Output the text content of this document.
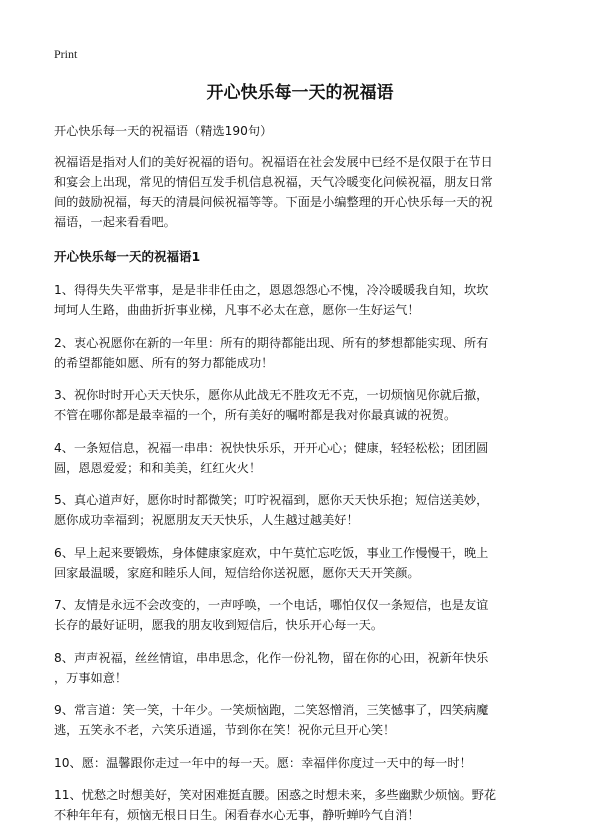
Print
开心快乐每一天的祝福语

开心快乐每一天的祝福语（精选190句）

祝福语是指对人们的美好祝福的语句。祝福语在社会发展中已经不是仅限于在节日
和宴会上出现，常见的情侣互发手机信息祝福，天气冷暖变化问候祝福，朋友日常
间的鼓励祝福，每天的清晨问候祝福等等。下面是小编整理的开心快乐每一天的祝
福语，一起来看看吧。

开心快乐每一天的祝福语1

1、得得失失平常事，是是非非任由之，恩恩怨怨心不愧，冷冷暖暖我自知，坎坎
坷坷人生路，曲曲折折事业梯，凡事不必太在意，愿你一生好运气！

2、衷心祝愿你在新的一年里：所有的期待都能出现、所有的梦想都能实现、所有
的希望都能如愿、所有的努力都能成功！

3、祝你时时开心天天快乐，愿你从此战无不胜攻无不克，一切烦恼见你就后撤，
不管在哪你都是最幸福的一个，所有美好的嘱咐都是我对你最真诚的祝贺。

4、一条短信息，祝福一串串：祝快快乐乐，开开心心；健康，轻轻松松；团团圆
圆，恩恩爱爱；和和美美，红红火火！

5、真心道声好，愿你时时都微笑；叮咛祝福到，愿你天天快乐抱；短信送美妙，
愿你成功幸福到；祝愿朋友天天快乐，人生越过越美好！

6、早上起来要锻炼，身体健康家庭欢，中午莫忙忘吃饭，事业工作慢慢干，晚上
回家最温暖，家庭和睦乐人间，短信给你送祝愿，愿你天天开笑颜。

7、友情是永远不会改变的，一声呼唤，一个电话，哪怕仅仅一条短信，也是友谊
长存的最好证明，愿我的朋友收到短信后，快乐开心每一天。

8、声声祝福，丝丝情谊，串串思念，化作一份礼物，留在你的心田，祝新年快乐
，万事如意！

9、常言道：笑一笑，十年少。一笑烦恼跑，二笑怒憎消，三笑憾事了，四笑病魔
逃，五笑永不老，六笑乐逍遥，节到你在笑！祝你元旦开心笑！

10、愿：温馨跟你走过一年中的每一天。愿：幸福伴你度过一天中的每一时！

11、忧愁之时想美好，笑对困难挺直腰。困惑之时想未来，多些幽默少烦恼。野花
不种年年有，烦恼无根日日生。闲看春水心无事，静听蝉吟气自消！
